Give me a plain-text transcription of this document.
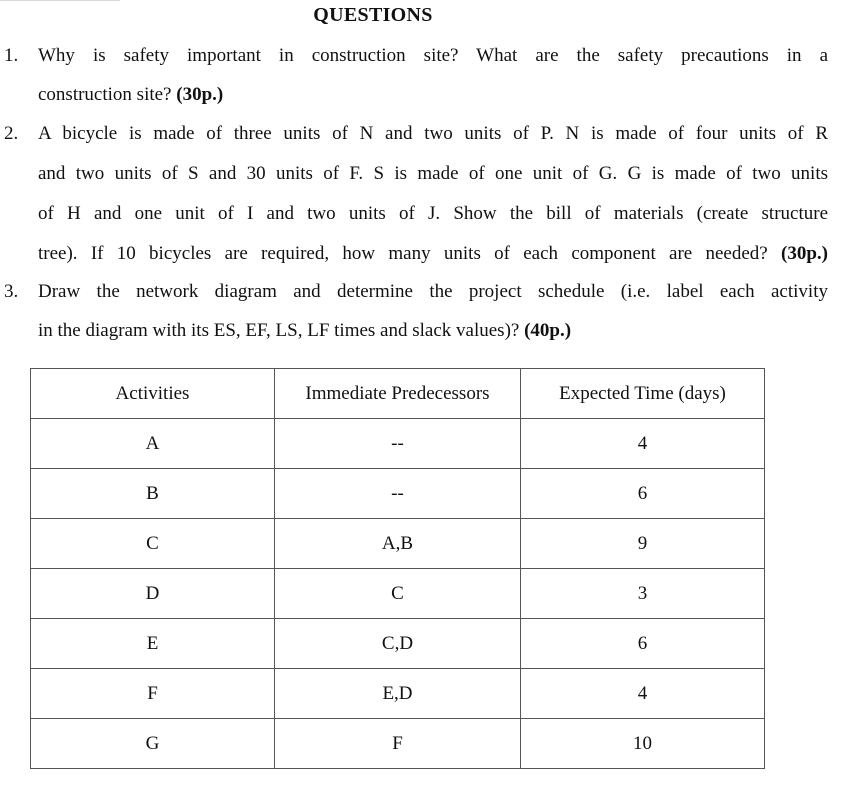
QUESTIONS
1.	Why is safety important in construction site? What are the safety precautions in a
construction site? (30p.)
2.	A bicycle is made of three units of N and two units of P. N is made of four units of R
and two units of S and 30 units of F. S is made of one unit of G. G is made of two units
of H and one unit of I and two units of J. Show the bill of materials (create structure
tree). If 10 bicycles are required, how many units of each component are needed? (30p.)
3.	Draw the network diagram and determine the project schedule (i.e. label each activity
in the diagram with its ES, EF, LS, LF times and slack values)? (40p.)
Activities	Immediate Predecessors	Expected Time (days)
A	--	4
B	--	6
C	A,B	9
D	C	3
E	C,D	6
F	E,D	4
G	F	10
